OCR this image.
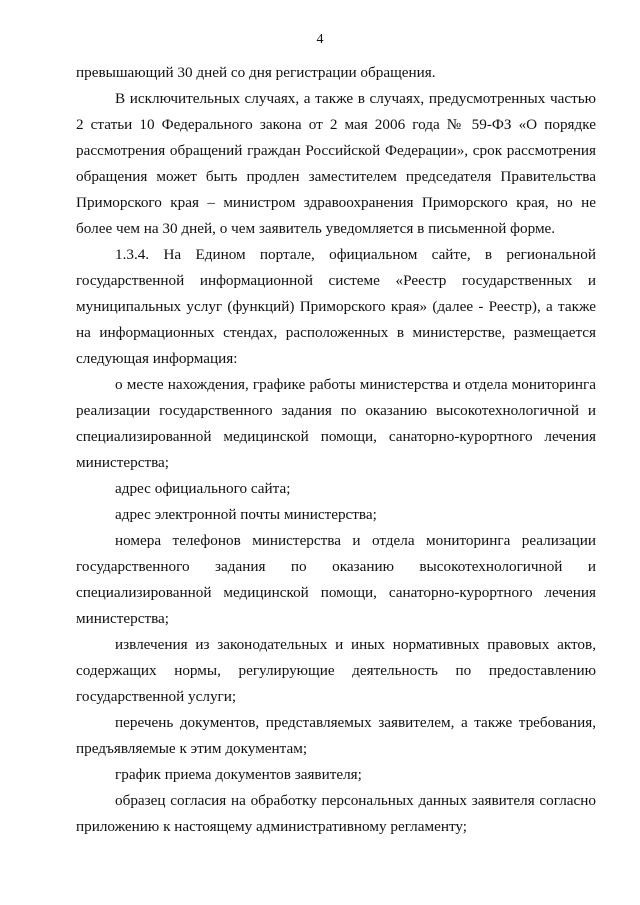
4

превышающий 30 дней со дня регистрации обращения.

В исключительных случаях, а также в случаях, предусмотренных частью 2 статьи 10 Федерального закона от 2 мая 2006 года № 59-ФЗ «О порядке рассмотрения обращений граждан Российской Федерации», срок рассмотрения обращения может быть продлен заместителем председателя Правительства Приморского края – министром здравоохранения Приморского края, но не более чем на 30 дней, о чем заявитель уведомляется в письменной форме.

1.3.4. На Едином портале, официальном сайте, в региональной государственной информационной системе «Реестр государственных и муниципальных услуг (функций) Приморского края» (далее - Реестр), а также на информационных стендах, расположенных в министерстве, размещается следующая информация:

о месте нахождения, графике работы министерства и отдела мониторинга реализации государственного задания по оказанию высокотехнологичной и специализированной медицинской помощи, санаторно-курортного лечения министерства;

адрес официального сайта;

адрес электронной почты министерства;

номера телефонов министерства и отдела мониторинга реализации государственного задания по оказанию высокотехнологичной и специализированной медицинской помощи, санаторно-курортного лечения министерства;

извлечения из законодательных и иных нормативных правовых актов, содержащих нормы, регулирующие деятельность по предоставлению государственной услуги;

перечень документов, представляемых заявителем, а также требования, предъявляемые к этим документам;

график приема документов заявителя;

образец согласия на обработку персональных данных заявителя согласно приложению к настоящему административному регламенту;
